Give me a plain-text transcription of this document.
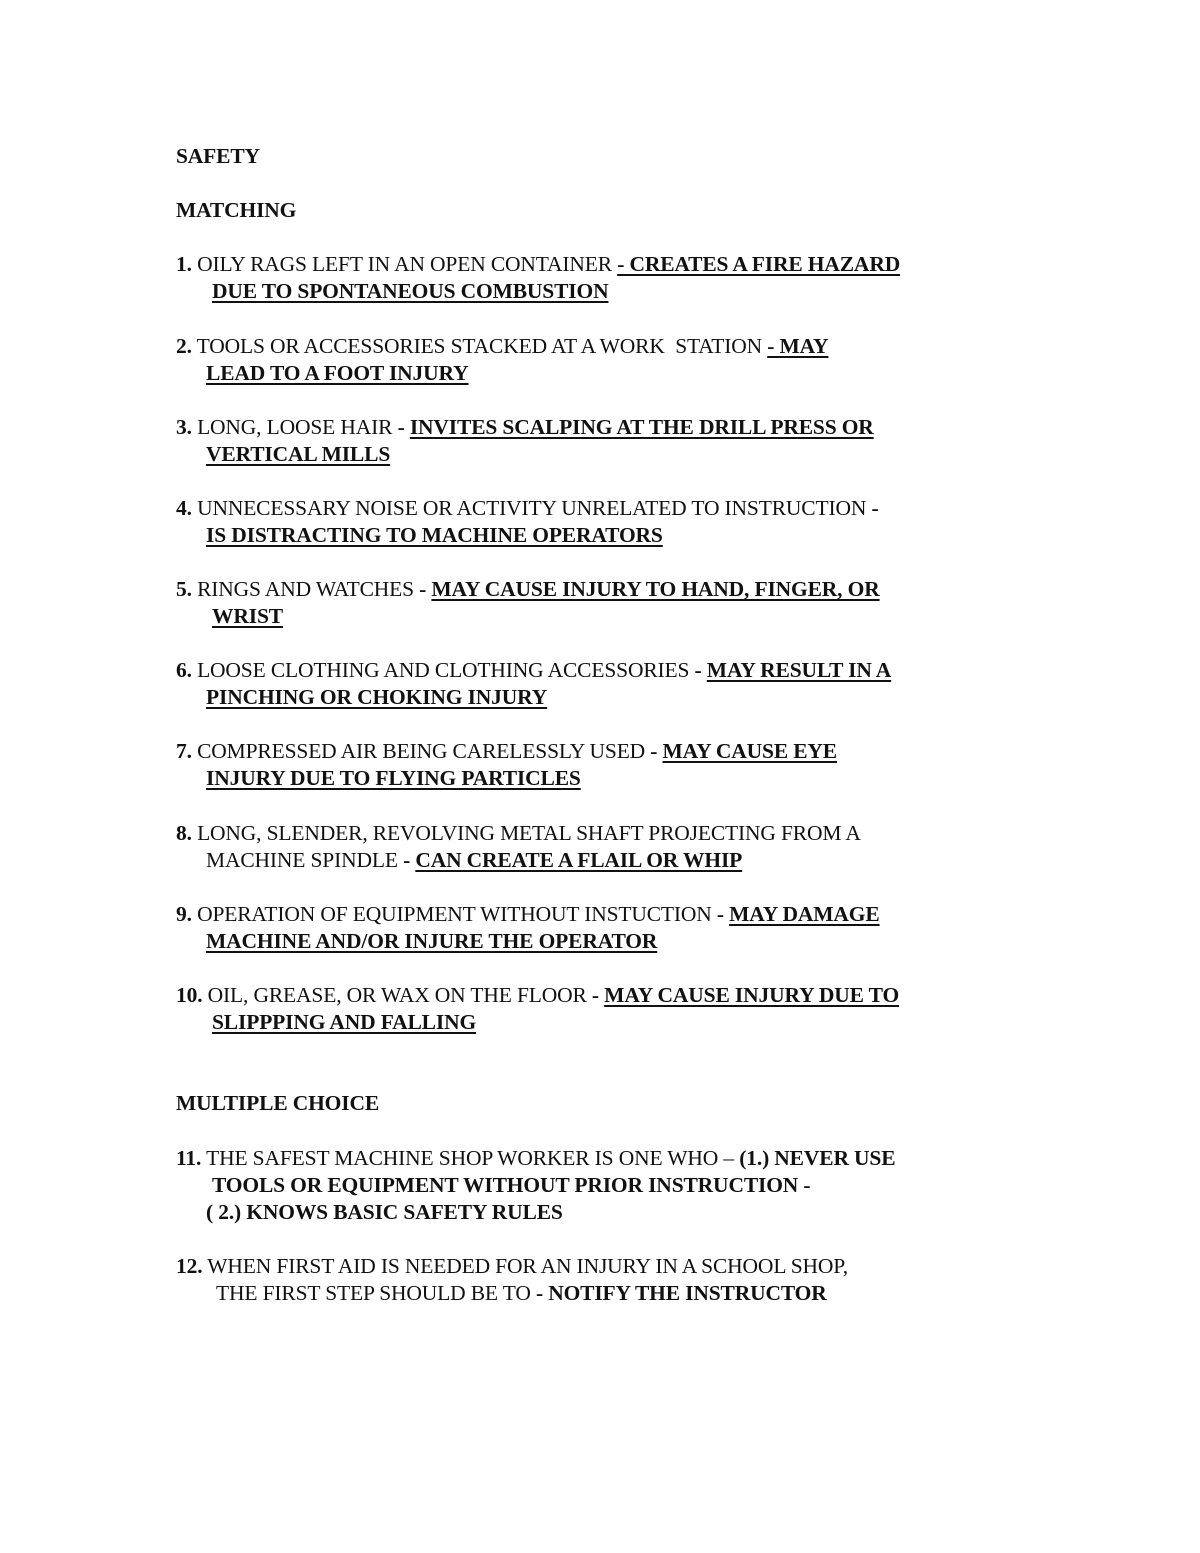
SAFETY
MATCHING
1. OILY RAGS LEFT IN AN OPEN CONTAINER - CREATES A FIRE HAZARD
DUE TO SPONTANEOUS COMBUSTION
2. TOOLS OR ACCESSORIES STACKED AT A WORK  STATION - MAY
LEAD TO A FOOT INJURY
3. LONG, LOOSE HAIR - INVITES SCALPING AT THE DRILL PRESS OR
VERTICAL MILLS
4. UNNECESSARY NOISE OR ACTIVITY UNRELATED TO INSTRUCTION -
IS DISTRACTING TO MACHINE OPERATORS
5. RINGS AND WATCHES - MAY CAUSE INJURY TO HAND, FINGER, OR
WRIST
6. LOOSE CLOTHING AND CLOTHING ACCESSORIES - MAY RESULT IN A
PINCHING OR CHOKING INJURY
7. COMPRESSED AIR BEING CARELESSLY USED - MAY CAUSE EYE
INJURY DUE TO FLYING PARTICLES
8. LONG, SLENDER, REVOLVING METAL SHAFT PROJECTING FROM A
MACHINE SPINDLE - CAN CREATE A FLAIL OR WHIP
9. OPERATION OF EQUIPMENT WITHOUT INSTUCTION - MAY DAMAGE
MACHINE AND/OR INJURE THE OPERATOR
10. OIL, GREASE, OR WAX ON THE FLOOR - MAY CAUSE INJURY DUE TO
SLIPPPING AND FALLING
MULTIPLE CHOICE
11. THE SAFEST MACHINE SHOP WORKER IS ONE WHO – (1.) NEVER USE
TOOLS OR EQUIPMENT WITHOUT PRIOR INSTRUCTION -
( 2.) KNOWS BASIC SAFETY RULES
12. WHEN FIRST AID IS NEEDED FOR AN INJURY IN A SCHOOL SHOP,
THE FIRST STEP SHOULD BE TO - NOTIFY THE INSTRUCTOR
